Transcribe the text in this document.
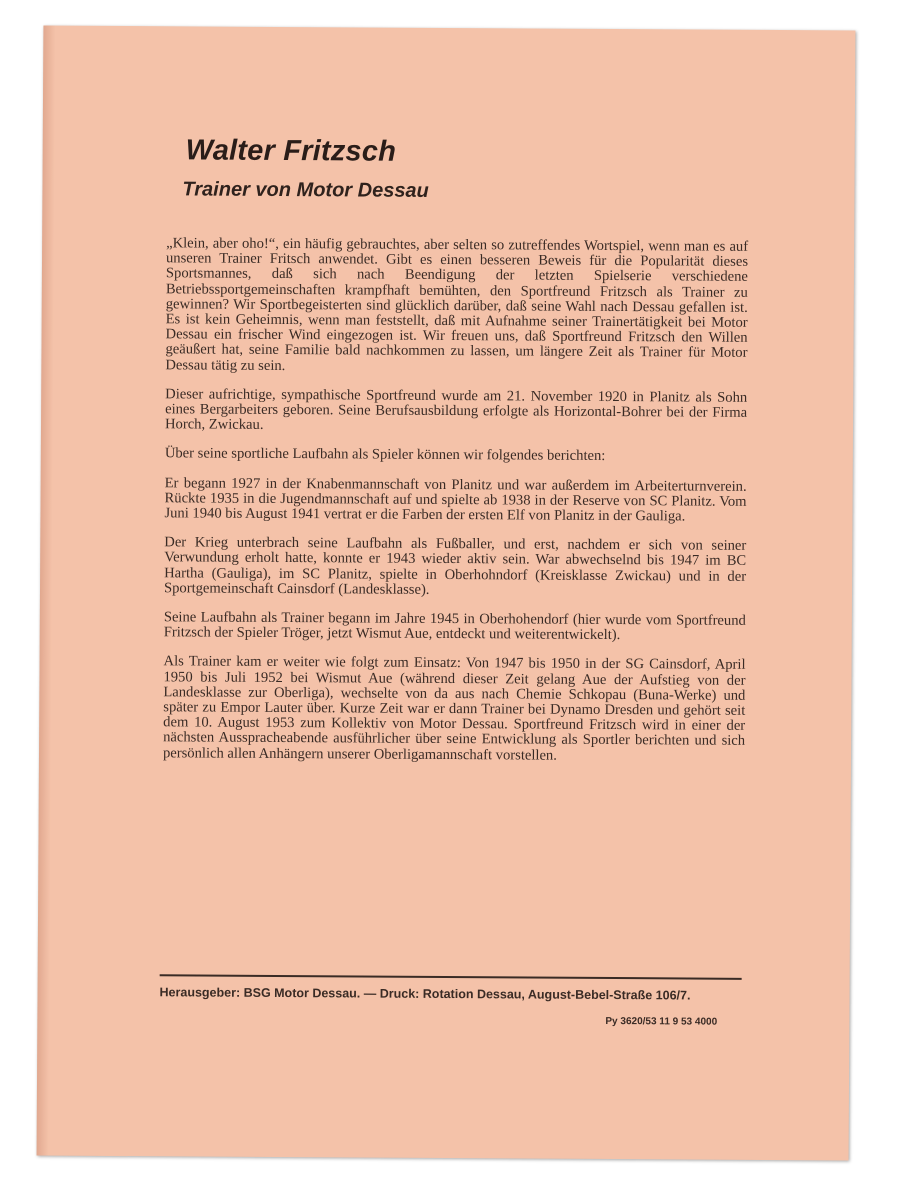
Walter Fritzsch
Trainer von Motor Dessau

„Klein, aber oho!“, ein häufig gebrauchtes, aber selten so zutreffendes Wortspiel, wenn man es auf unseren Trainer Fritsch anwendet. Gibt es einen besseren Beweis für die Popularität dieses Sportsmannes, daß sich nach Beendigung der letzten Spielserie verschiedene Betriebssportgemeinschaften krampfhaft bemühten, den Sportfreund Fritzsch als Trainer zu gewinnen? Wir Sportbegeisterten sind glücklich darüber, daß seine Wahl nach Dessau gefallen ist. Es ist kein Geheimnis, wenn man feststellt, daß mit Aufnahme seiner Trainertätigkeit bei Motor Dessau ein frischer Wind eingezogen ist. Wir freuen uns, daß Sportfreund Fritzsch den Willen geäußert hat, seine Familie bald nachkommen zu lassen, um längere Zeit als Trainer für Motor Dessau tätig zu sein.

Dieser aufrichtige, sympathische Sportfreund wurde am 21. November 1920 in Planitz als Sohn eines Bergarbeiters geboren. Seine Berufsausbildung erfolgte als Horizontal-Bohrer bei der Firma Horch, Zwickau.

Über seine sportliche Laufbahn als Spieler können wir folgendes berichten:

Er begann 1927 in der Knabenmannschaft von Planitz und war außerdem im Arbeiterturnverein. Rückte 1935 in die Jugendmannschaft auf und spielte ab 1938 in der Reserve von SC Planitz. Vom Juni 1940 bis August 1941 vertrat er die Farben der ersten Elf von Planitz in der Gauliga.

Der Krieg unterbrach seine Laufbahn als Fußballer, und erst, nachdem er sich von seiner Verwundung erholt hatte, konnte er 1943 wieder aktiv sein. War abwechselnd bis 1947 im BC Hartha (Gauliga), im SC Planitz, spielte in Oberhohndorf (Kreisklasse Zwickau) und in der Sportgemeinschaft Cainsdorf (Landesklasse).

Seine Laufbahn als Trainer begann im Jahre 1945 in Oberhohendorf (hier wurde vom Sportfreund Fritzsch der Spieler Tröger, jetzt Wismut Aue, entdeckt und weiterentwickelt).

Als Trainer kam er weiter wie folgt zum Einsatz: Von 1947 bis 1950 in der SG Cainsdorf, April 1950 bis Juli 1952 bei Wismut Aue (während dieser Zeit gelang Aue der Aufstieg von der Landesklasse zur Oberliga), wechselte von da aus nach Chemie Schkopau (Buna-Werke) und später zu Empor Lauter über. Kurze Zeit war er dann Trainer bei Dynamo Dresden und gehört seit dem 10. August 1953 zum Kollektiv von Motor Dessau. Sportfreund Fritzsch wird in einer der nächsten Ausspracheabende ausführlicher über seine Entwicklung als Sportler berichten und sich persönlich allen Anhängern unserer Oberligamannschaft vorstellen.

Herausgeber: BSG Motor Dessau. — Druck: Rotation Dessau, August-Bebel-Straße 106/7.
Py 3620/53 11 9 53 4000
